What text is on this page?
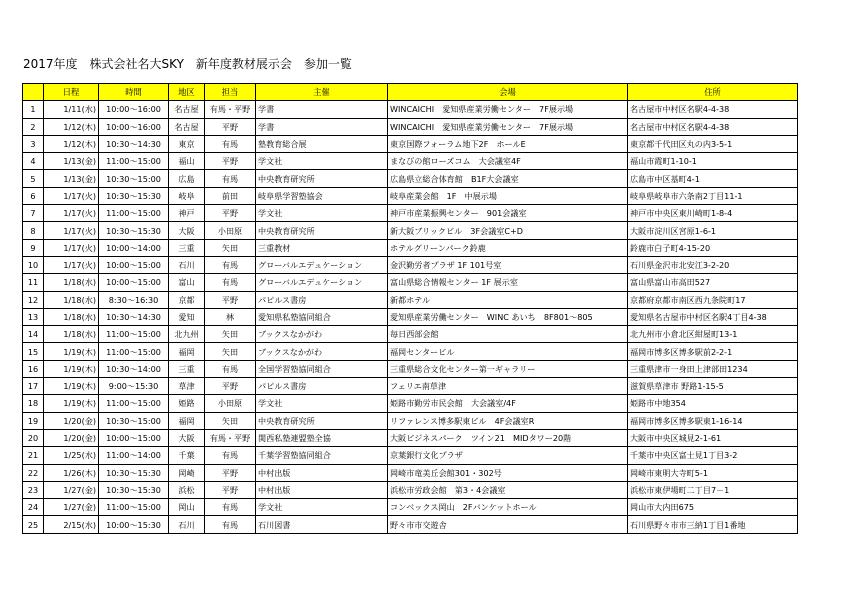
2017年度　株式会社名大SKY　新年度教材展示会　参加一覧
	日程	時間	地区	担当	主催	会場	住所
1	1/11(水)	10:00～16:00	名古屋	有馬・平野	学書	WINCAICHI　愛知県産業労働センター　7F展示場	名古屋市中村区名駅4-4-38
2	1/12(木)	10:00～16:00	名古屋	平野	学書	WINCAICHI　愛知県産業労働センター　7F展示場	名古屋市中村区名駅4-4-38
3	1/12(木)	10:30～14:30	東京	有馬	塾教育総合展	東京国際フォーラム地下2F　ホールE	東京都千代田区丸の内3-5-1
4	1/13(金)	11:00～15:00	福山	平野	学文社	まなびの館ローズコム　大会議室4F	福山市霞町1-10-1
5	1/13(金)	10:30～15:00	広島	有馬	中央教育研究所	広島県立総合体育館　B1F大会議室	広島市中区基町4-1
6	1/17(火)	10:30～15:30	岐阜	前田	岐阜県学習塾協会	岐阜産業会館　1F　中展示場	岐阜県岐阜市六条南2丁目11-1
7	1/17(火)	11:00～15:00	神戸	平野	学文社	神戸市産業振興センター　901会議室	神戸市中央区東川崎町1-8-4
8	1/17(火)	10:30～15:30	大阪	小田原	中央教育研究所	新大阪ブリックビル　3F会議室C+D	大阪市淀川区宮原1-6-1
9	1/17(火)	10:00～14:00	三重	矢田	三重教材	ホテルグリーンパーク鈴鹿	鈴鹿市白子町4-15-20
10	1/17(火)	10:00～15:00	石川	有馬	グローバルエデュケーション	金沢勤労者プラザ 1F 101号室	石川県金沢市北安江3-2-20
11	1/18(水)	10:00～15:00	富山	有馬	グローバルエデュケーション	富山県総合情報センター 1F 展示室	富山県富山市高田527
12	1/18(水)	8:30～16:30	京都	平野	パピルス書房	新都ホテル	京都府京都市南区西九条院町17
13	1/18(水)	10:30～14:30	愛知	林	愛知県私塾協同組合	愛知県産業労働センター　WINC あいち　8F801～805	愛知県名古屋市中村区名駅4丁目4-38
14	1/18(水)	11:00～15:00	北九州	矢田	ブックスなかがわ	毎日西部会館	北九州市小倉北区紺屋町13-1
15	1/19(木)	11:00～15:00	福岡	矢田	ブックスなかがわ	福岡センタービル	福岡市博多区博多駅前2-2-1
16	1/19(木)	10:30～14:00	三重	有馬	全国学習塾協同組合	三重県総合文化センター第一ギャラリー	三重県津市一身田上津部田1234
17	1/19(木)	9:00～15:30	草津	平野	パピルス書房	フェリエ南草津	滋賀県草津市 野路1-15-5
18	1/19(木)	11:00～15:00	姫路	小田原	学文社	姫路市勤労市民会館　大会議室/4F	姫路市中地354
19	1/20(金)	10:30～15:00	福岡	矢田	中央教育研究所	リファレンス博多駅東ビル　4F会議室R	福岡市博多区博多駅東1-16-14
20	1/20(金)	10:00～15:00	大阪	有馬・平野	関西私塾連盟塾全協	大阪ビジネスパーク　ツイン21　MIDタワー20階	大阪市中央区城見2-1-61
21	1/25(水)	11:00～14:00	千葉	有馬	千葉学習塾協同組合	京葉銀行文化プラザ	千葉市中央区富士見1丁目3-2
22	1/26(木)	10:30～15:30	岡崎	平野	中村出版	岡崎市竜美丘会館301・302号	岡崎市東明大寺町5-1
23	1/27(金)	10:30～15:30	浜松	平野	中村出版	浜松市労政会館　第3・4会議室	浜松市東伊場町二丁目7－1
24	1/27(金)	11:00～15:00	岡山	有馬	学文社	コンベックス岡山　2Fバンケットホール	岡山市大内田675
25	2/15(水)	10:00～15:30	石川	有馬	石川図書	野々市市交遊舎	石川県野々市市三納1丁目1番地
